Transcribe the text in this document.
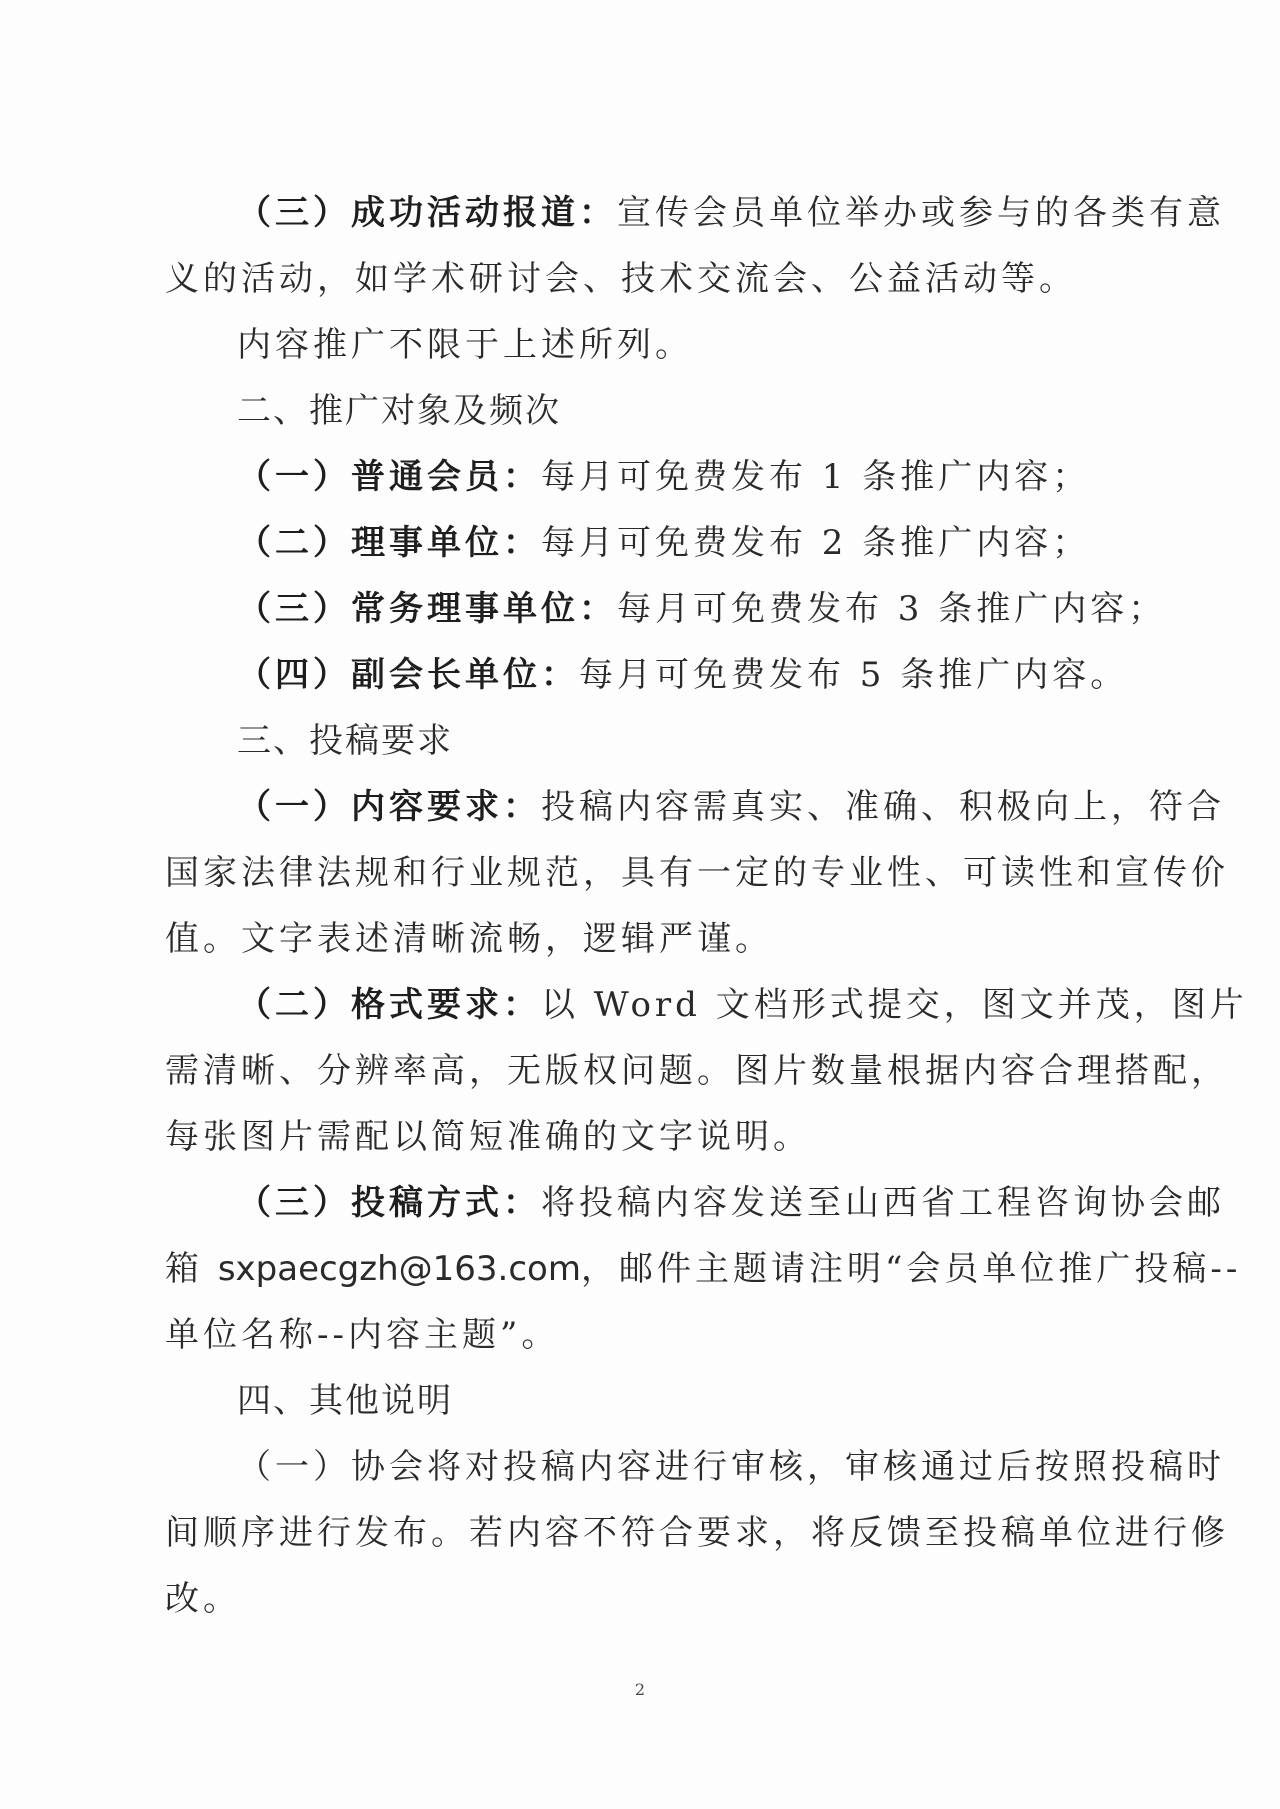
（三）成功活动报道：宣传会员单位举办或参与的各类有意
义的活动，如学术研讨会、技术交流会、公益活动等。
内容推广不限于上述所列。
二、推广对象及频次
（一）普通会员：每月可免费发布 1 条推广内容；
（二）理事单位：每月可免费发布 2 条推广内容；
（三）常务理事单位：每月可免费发布 3 条推广内容；
（四）副会长单位：每月可免费发布 5 条推广内容。
三、投稿要求
（一）内容要求：投稿内容需真实、准确、积极向上，符合
国家法律法规和行业规范，具有一定的专业性、可读性和宣传价
值。文字表述清晰流畅，逻辑严谨。
（二）格式要求：以 Word 文档形式提交，图文并茂，图片
需清晰、分辨率高，无版权问题。图片数量根据内容合理搭配，
每张图片需配以简短准确的文字说明。
（三）投稿方式：将投稿内容发送至山西省工程咨询协会邮
箱 sxpaecgzh@163.com，邮件主题请注明“会员单位推广投稿--
单位名称--内容主题”。
四、其他说明
（一）协会将对投稿内容进行审核，审核通过后按照投稿时
间顺序进行发布。若内容不符合要求，将反馈至投稿单位进行修
改。
2
